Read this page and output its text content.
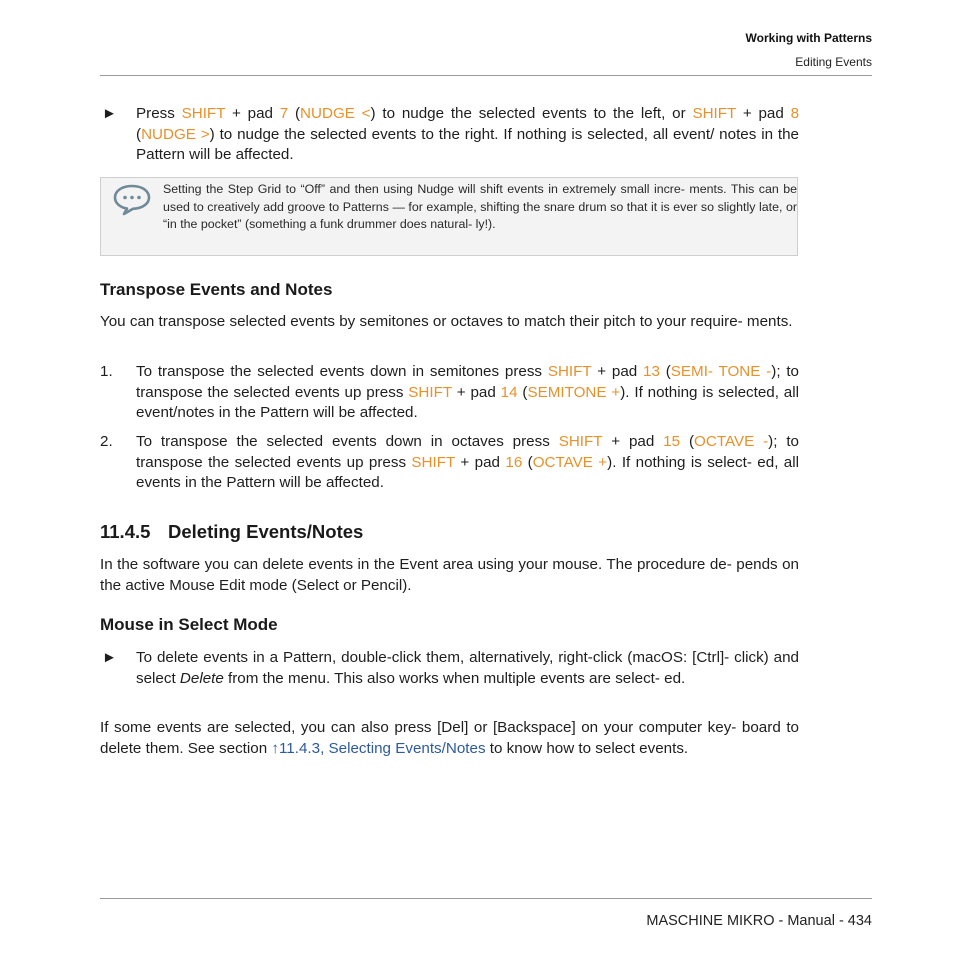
Working with Patterns
Editing Events
► Press SHIFT + pad 7 (NUDGE <) to nudge the selected events to the left, or SHIFT + pad 8 (NUDGE >) to nudge the selected events to the right. If nothing is selected, all event/ notes in the Pattern will be affected.
Setting the Step Grid to “Off” and then using Nudge will shift events in extremely small incre- ments. This can be used to creatively add groove to Patterns — for example, shifting the snare drum so that it is ever so slightly late, or “in the pocket” (something a funk drummer does natural- ly!).
Transpose Events and Notes
You can transpose selected events by semitones or octaves to match their pitch to your require- ments.
1. To transpose the selected events down in semitones press SHIFT + pad 13 (SEMI- TONE -); to transpose the selected events up press SHIFT + pad 14 (SEMITONE +). If nothing is selected, all event/notes in the Pattern will be affected.
2. To transpose the selected events down in octaves press SHIFT + pad 15 (OCTAVE -); to transpose the selected events up press SHIFT + pad 16 (OCTAVE +). If nothing is select- ed, all events in the Pattern will be affected.
11.4.5 Deleting Events/Notes
In the software you can delete events in the Event area using your mouse. The procedure de- pends on the active Mouse Edit mode (Select or Pencil).
Mouse in Select Mode
► To delete events in a Pattern, double-click them, alternatively, right-click (macOS: [Ctrl]- click) and select Delete from the menu. This also works when multiple events are select- ed.
If some events are selected, you can also press [Del] or [Backspace] on your computer key- board to delete them. See section ↑11.4.3, Selecting Events/Notes to know how to select events.
MASCHINE MIKRO - Manual - 434
